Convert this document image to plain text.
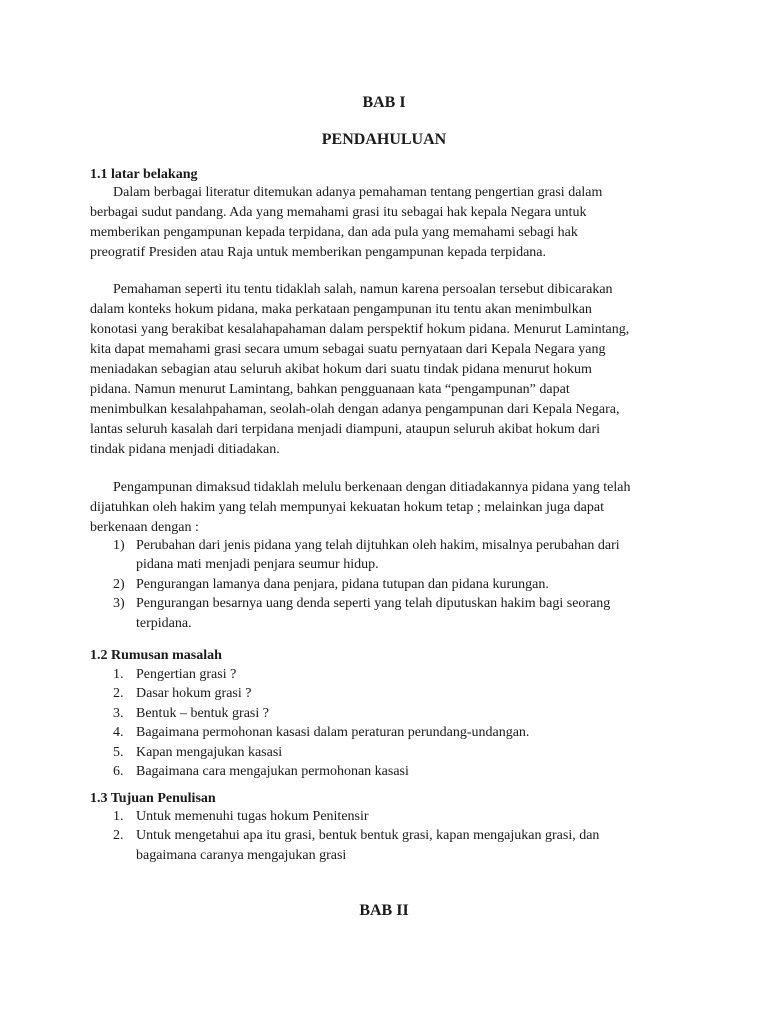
BAB I
PENDAHULUAN
1.1 latar belakang

Dalam berbagai literatur ditemukan adanya pemahaman tentang pengertian grasi dalam
berbagai sudut pandang. Ada yang memahami grasi itu sebagai hak kepala Negara untuk
memberikan pengampunan kepada terpidana, dan ada pula yang memahami sebagi hak
preogratif Presiden atau Raja untuk memberikan pengampunan kepada terpidana.

Pemahaman seperti itu tentu tidaklah salah, namun karena persoalan tersebut dibicarakan
dalam konteks hokum pidana, maka perkataan pengampunan itu tentu akan menimbulkan
konotasi yang berakibat kesalahapahaman dalam perspektif hokum pidana. Menurut Lamintang,
kita dapat memahami grasi secara umum sebagai suatu pernyataan dari Kepala Negara yang
meniadakan sebagian atau seluruh akibat hokum dari suatu tindak pidana menurut hokum
pidana. Namun menurut Lamintang, bahkan pengguanaan kata “pengampunan” dapat
menimbulkan kesalahpahaman, seolah-olah dengan adanya pengampunan dari Kepala Negara,
lantas seluruh kasalah dari terpidana menjadi diampuni, ataupun seluruh akibat hokum dari
tindak pidana menjadi ditiadakan.

Pengampunan dimaksud tidaklah melulu berkenaan dengan ditiadakannya pidana yang telah
dijatuhkan oleh hakim yang telah mempunyai kekuatan hokum tetap ; melainkan juga dapat
berkenaan dengan :

1) Perubahan dari jenis pidana yang telah dijtuhkan oleh hakim, misalnya perubahan dari
pidana mati menjadi penjara seumur hidup.
2) Pengurangan lamanya dana penjara, pidana tutupan dan pidana kurungan.
3) Pengurangan besarnya uang denda seperti yang telah diputuskan hakim bagi seorang
terpidana.
1.2 Rumusan masalah
1. Pengertian grasi ?
2. Dasar hokum grasi ?
3. Bentuk – bentuk grasi ?
4. Bagaimana permohonan kasasi dalam peraturan perundang-undangan.
5. Kapan mengajukan kasasi
6. Bagaimana cara mengajukan permohonan kasasi
1.3 Tujuan Penulisan
1. Untuk memenuhi tugas hokum Penitensir
2. Untuk mengetahui apa itu grasi, bentuk bentuk grasi, kapan mengajukan grasi, dan
bagaimana caranya mengajukan grasi
BAB II
